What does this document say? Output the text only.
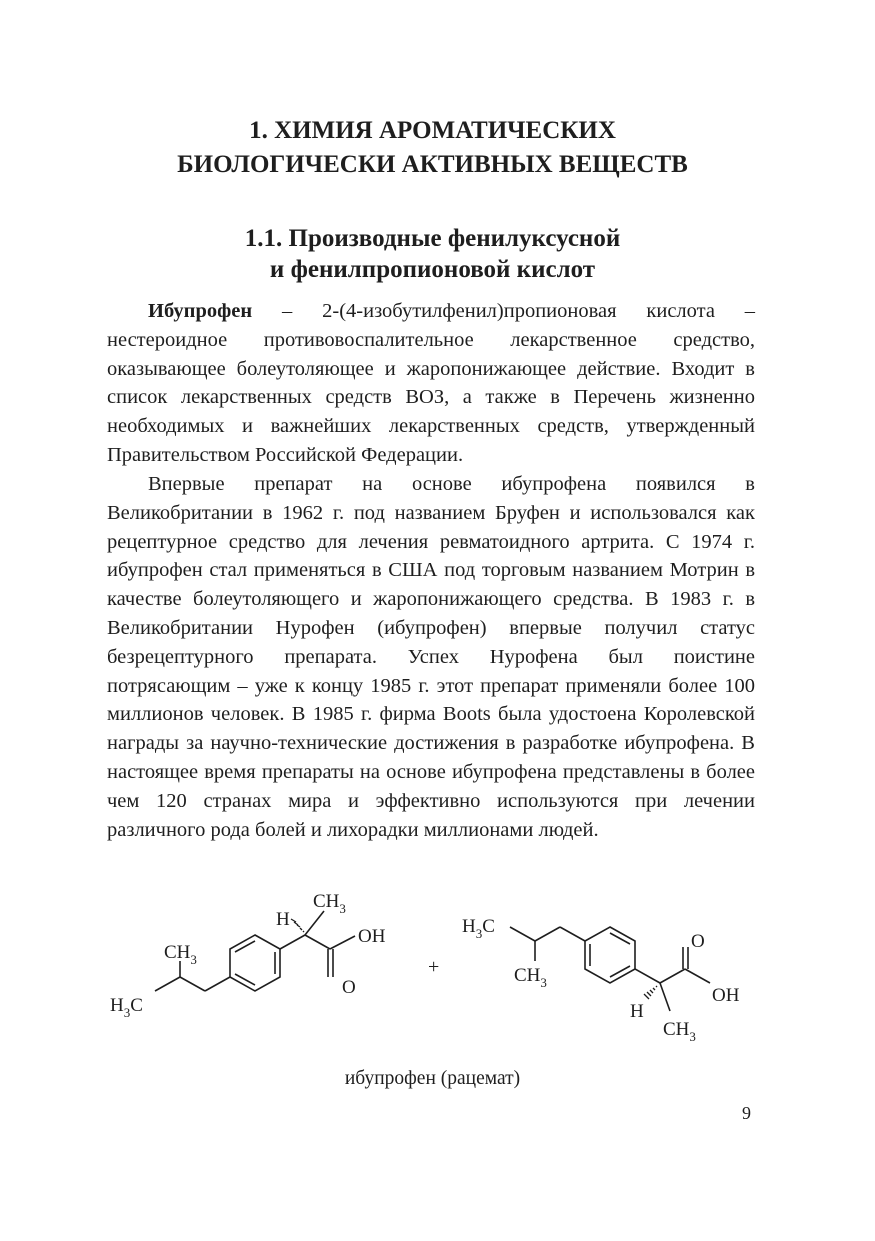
1. ХИМИЯ АРОМАТИЧЕСКИХ
БИОЛОГИЧЕСКИ АКТИВНЫХ ВЕЩЕСТВ
1.1. Производные фенилуксусной
и фенилпропионовой кислот

Ибупрофен – 2-(4-изобутилфенил)пропионовая кислота – нестероидное противовоспалительное лекарственное средство, оказывающее болеутоляющее и жаропонижающее действие. Входит в список лекарственных средств ВОЗ, а также в Перечень жизненно необходимых и важнейших лекарственных средств, утвержденный Правительством Российской Федерации.

Впервые препарат на основе ибупрофена появился в Великобритании в 1962 г. под названием Бруфен и использовался как рецептурное средство для лечения ревматоидного артрита. С 1974 г. ибупрофен стал применяться в США под торговым названием Мотрин в качестве болеутоляющего и жаропонижающего средства. В 1983 г. в Великобритании Нурофен (ибупрофен) впервые получил статус безрецептурного препарата. Успех Нурофена был поистине потрясающим – уже к концу 1985 г. этот препарат применяли более 100 миллионов человек. В 1985 г. фирма Boots была удостоена Королевской награды за научно-технические достижения в разработке ибупрофена. В настоящее время препараты на основе ибупрофена представлены в более чем 120 странах мира и эффективно используются при лечении различного рода болей и лихорадки миллионами людей.

$CH_3$
H
OH
O
$CH_3$
$H_3C$
+
$H_3C$
$CH_3$
O
OH
H
$CH_3$

ибупрофен (рацемат)

9
